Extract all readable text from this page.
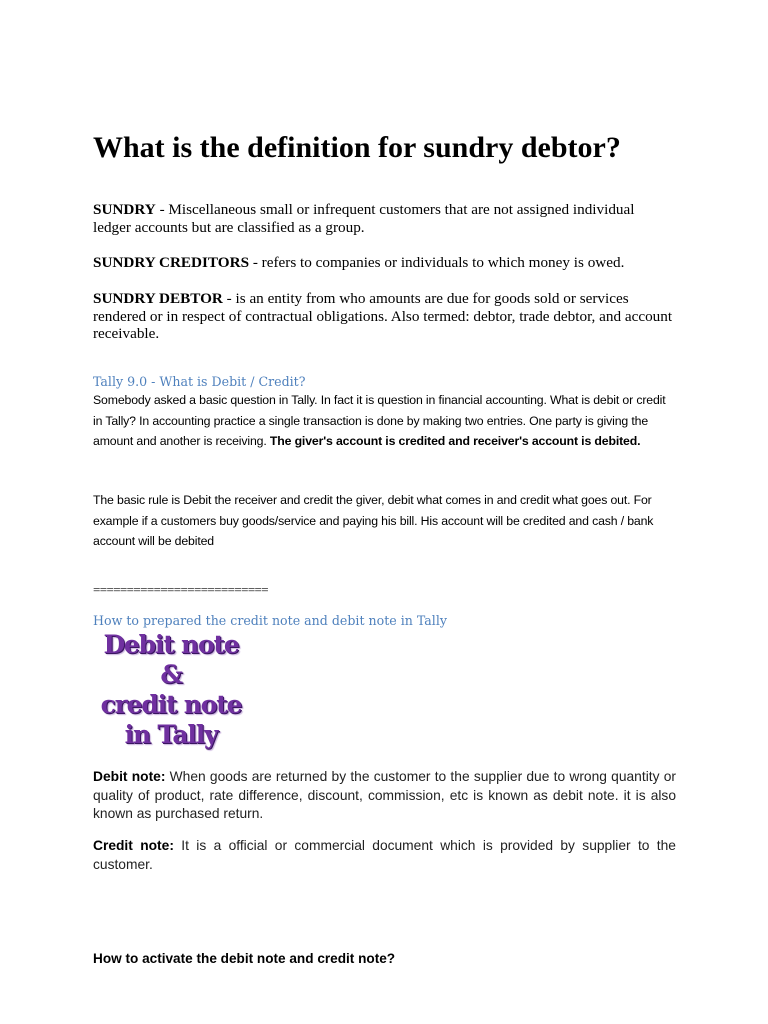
What is the definition for sundry debtor?

SUNDRY - Miscellaneous small or infrequent customers that are not assigned individual ledger accounts but are classified as a group.

SUNDRY CREDITORS - refers to companies or individuals to which money is owed.

SUNDRY DEBTOR - is an entity from who amounts are due for goods sold or services rendered or in respect of contractual obligations. Also termed: debtor, trade debtor, and account receivable.

Tally 9.0 - What is Debit / Credit?

Somebody asked a basic question in Tally. In fact it is question in financial accounting. What is debit or credit in Tally? In accounting practice a single transaction is done by making two entries. One party is giving the amount and another is receiving. The giver's account is credited and receiver's account is debited.

The basic rule is Debit the receiver and credit the giver, debit what comes in and credit what goes out. For example if a customers buy goods/service and paying his bill. His account will be credited and cash / bank account will be debited

==========================

How to prepared the credit note and debit note in Tally

Debit note
&
credit note
in Tally

Debit note: When goods are returned by the customer to the supplier due to wrong quantity or quality of product, rate difference, discount, commission, etc is known as debit note. it is also known as purchased return.

Credit note: It is a official or commercial document which is provided by supplier to the customer.

How to activate the debit note and credit note?
